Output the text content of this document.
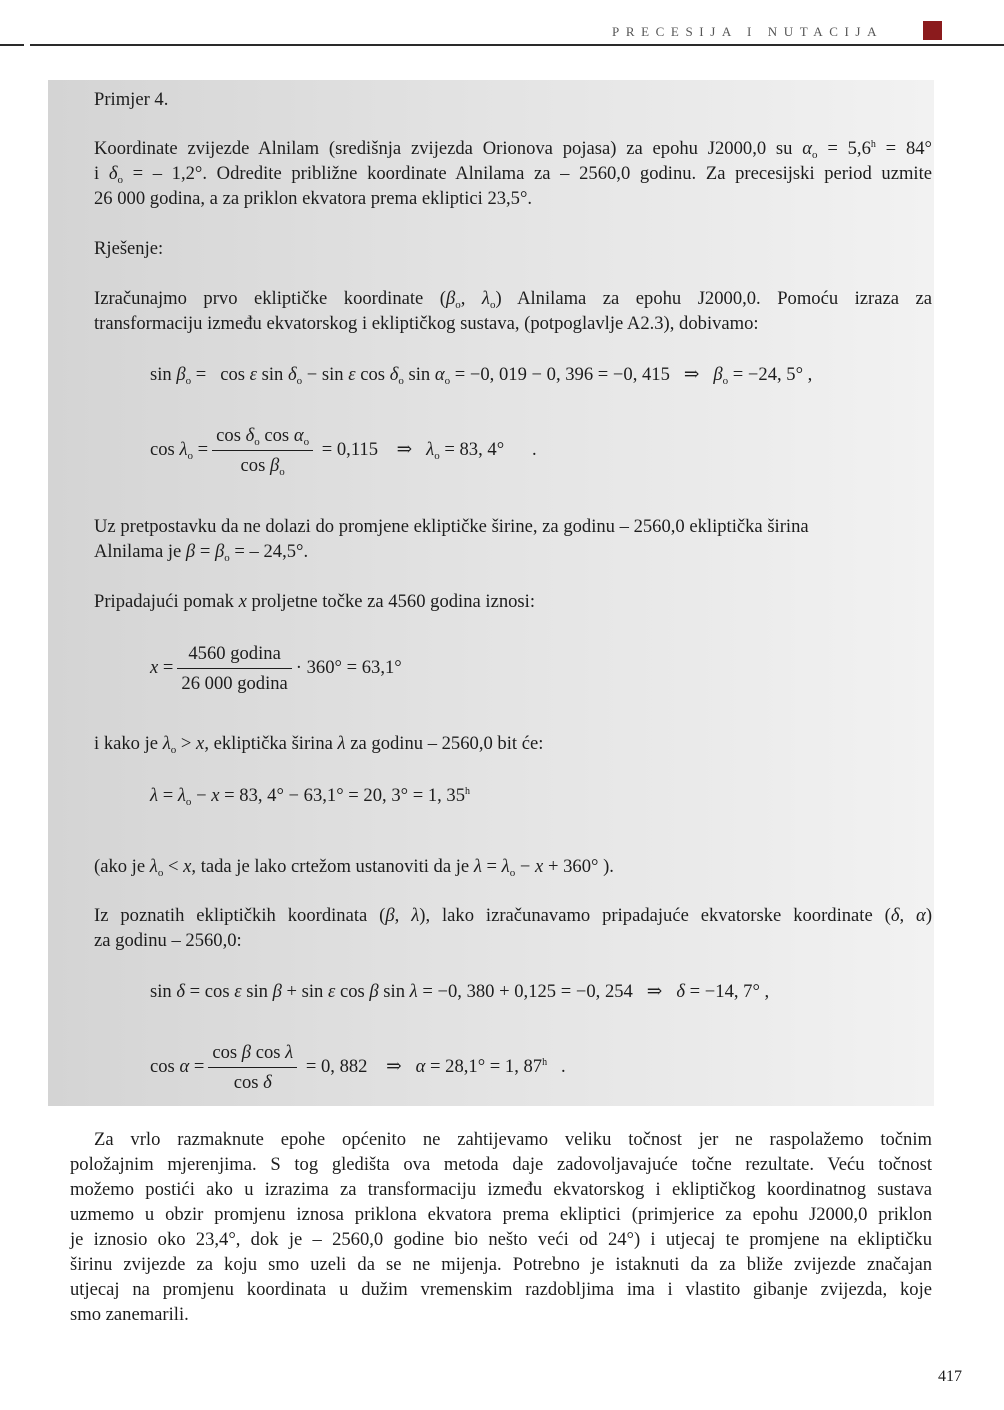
PRECESIJA I NUTACIJA
Primjer 4.
Koordinate zvijezde Alnilam (središnja zvijezda Orionova pojasa) za epohu J2000,0 su $\alpha_o = 5,6^h = 84^\circ$
i $\delta_o$ = – 1,2°. Odredite približne koordinate Alnilama za – 2560,0 godinu. Za precesijski period uzmite
26 000 godina, a za priklon ekvatora prema ekliptici 23,5°.
Rješenje:
Izračunajmo prvo ekliptičke koordinate ($\beta_o$, $\lambda_o$) Alnilama za epohu J2000,0. Pomoću izraza za
transformaciju između ekvatorskog i ekliptičkog sustava, (potpoglavlje A2.3), dobivamo:
$\sin \beta_o = \cos \varepsilon$ $\sin \delta_o - \sin \varepsilon$ $\cos \delta_o$ $\sin \alpha_o = -0$, 019 − 0, 396 = −0, 415   ⇒   $\beta_o = -24$, 5° ,
$\cos \lambda_o = \frac{\cos \delta_o \cos \alpha_o}{\cos \beta_o} = 0,115$    ⇒   $\lambda_o = 83$, 4°      .
Uz pretpostavku da ne dolazi do promjene ekliptičke širine, za godinu – 2560,0 ekliptička širina
Alnilama je $\beta = \beta_o$ = – 24,5°.
Pripadajući pomak x proljetne točke za 4560 godina iznosi:
$x = \frac{\text{4560 godina}}{\text{26 000 godina}} \cdot 360^\circ = 63,1^\circ$
i kako je $\lambda_o > x$, ekliptička širina λ za godinu – 2560,0 bit će:
$\lambda = \lambda_o - x = 83$, 4° − 63,1° = 20, 3° = 1, 35$^h$
(ako je $\lambda_o < x$, tada je lako crtežom ustanoviti da je $\lambda = \lambda_o - x + 360^\circ$ ).
Iz poznatih ekliptičkih koordinata (β, λ), lako izračunavamo pripadajuće ekvatorske koordinate (δ, α)
za godinu – 2560,0:
sin δ = cos ε sin β + sin ε cos β sin λ = −0, 380 + 0,125 = −0, 254   ⇒   δ = −14, 7° ,
$\cos \alpha = \frac{\text{cos β cos λ}}{\text{cos δ}} = 0$, 882    ⇒   α = 28,1° = 1, 87$^h$   .
Za vrlo razmaknute epohe općenito ne zahtijevamo veliku točnost jer ne raspolažemo točnim
položajnim mjerenjima. S tog gledišta ova metoda daje zadovoljavajuće točne rezultate. Veću točnost
možemo postići ako u izrazima za transformaciju između ekvatorskog i ekliptičkog koordinatnog sustava
uzmemo u obzir promjenu iznosa priklona ekvatora prema ekliptici (primjerice za epohu J2000,0 priklon
je iznosio oko 23,4°, dok je – 2560,0 godine bio nešto veći od 24°) i utjecaj te promjene na ekliptičku
širinu zvijezde za koju smo uzeli da se ne mijenja. Potrebno je istaknuti da za bliže zvijezde značajan
utjecaj na promjenu koordinata u dužim vremenskim razdobljima ima i vlastito gibanje zvijezda, koje
smo zanemarili.
417
